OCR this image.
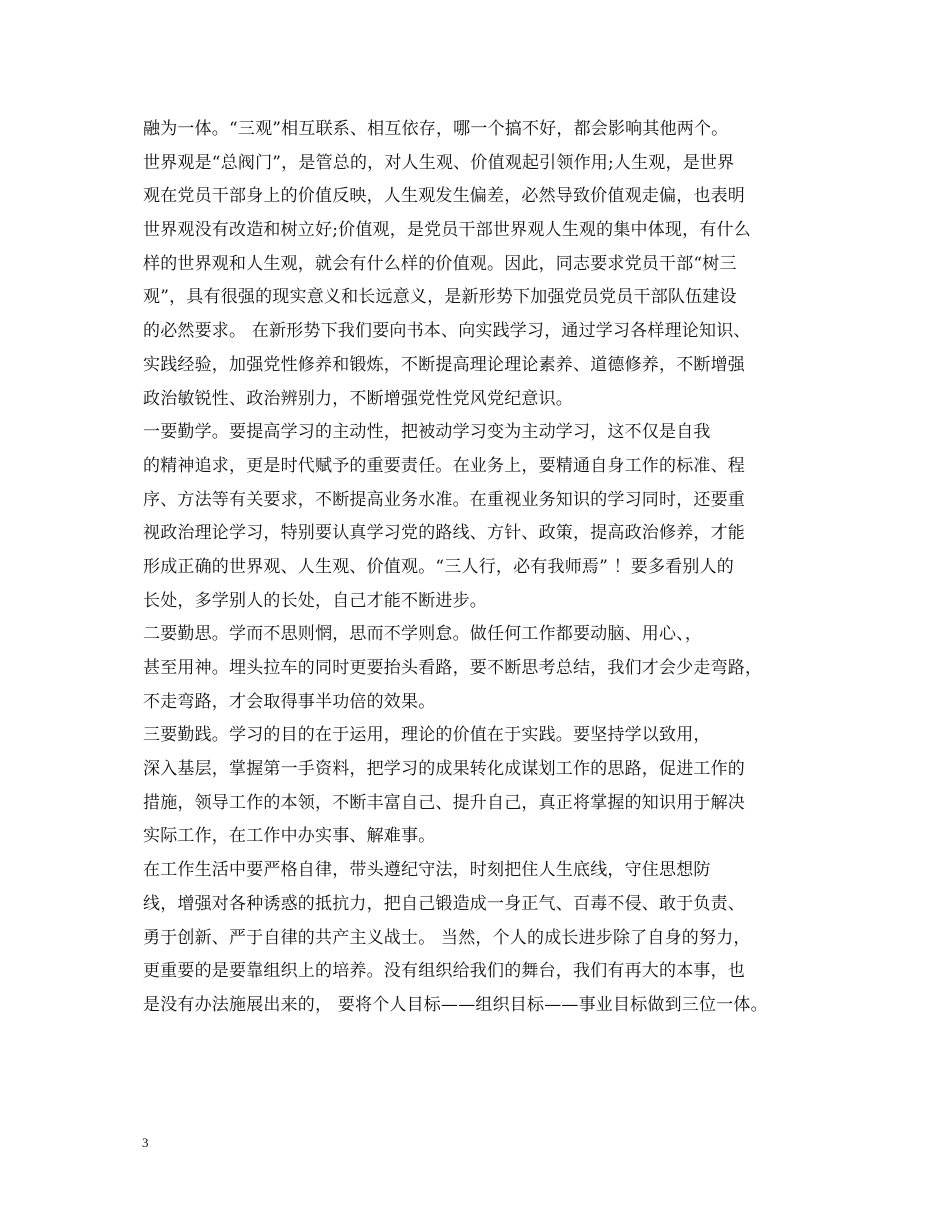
融为一体。“三观”相互联系、相互依存，哪一个搞不好，都会影响其他两个。
世界观是“总阀门”，是管总的，对人生观、价值观起引领作用;人生观，是世界
观在党员干部身上的价值反映，人生观发生偏差，必然导致价值观走偏，也表明
世界观没有改造和树立好;价值观，是党员干部世界观人生观的集中体现，有什么
样的世界观和人生观，就会有什么样的价值观。因此，同志要求党员干部“树三
观”，具有很强的现实意义和长远意义，是新形势下加强党员党员干部队伍建设
的必然要求。 在新形势下我们要向书本、向实践学习，通过学习各样理论知识、
实践经验，加强党性修养和锻炼，不断提高理论理论素养、道德修养，不断增强
政治敏锐性、政治辨别力，不断增强党性党风党纪意识。
一要勤学。要提高学习的主动性，把被动学习变为主动学习，这不仅是自我
的精神追求，更是时代赋予的重要责任。在业务上，要精通自身工作的标准、程
序、方法等有关要求，不断提高业务水准。在重视业务知识的学习同时，还要重
视政治理论学习，特别要认真学习党的路线、方针、政策，提高政治修养，才能
形成正确的世界观、人生观、价值观。“三人行，必有我师焉” ！要多看别人的
长处，多学别人的长处，自己才能不断进步。
二要勤思。学而不思则惘，思而不学则怠。做任何工作都要动脑、用心、，
甚至用神。埋头拉车的同时更要抬头看路，要不断思考总结，我们才会少走弯路，
不走弯路，才会取得事半功倍的效果。
三要勤践。学习的目的在于运用，理论的价值在于实践。要坚持学以致用，
深入基层，掌握第一手资料，把学习的成果转化成谋划工作的思路，促进工作的
措施，领导工作的本领，不断丰富自己、提升自己，真正将掌握的知识用于解决
实际工作，在工作中办实事、解难事。
在工作生活中要严格自律，带头遵纪守法，时刻把住人生底线，守住思想防
线，增强对各种诱惑的抵抗力，把自己锻造成一身正气、百毒不侵、敢于负责、
勇于创新、严于自律的共产主义战士。 当然，个人的成长进步除了自身的努力，
更重要的是要靠组织上的培养。没有组织给我们的舞台，我们有再大的本事，也
是没有办法施展出来的， 要将个人目标——组织目标——事业目标做到三位一体。
3
